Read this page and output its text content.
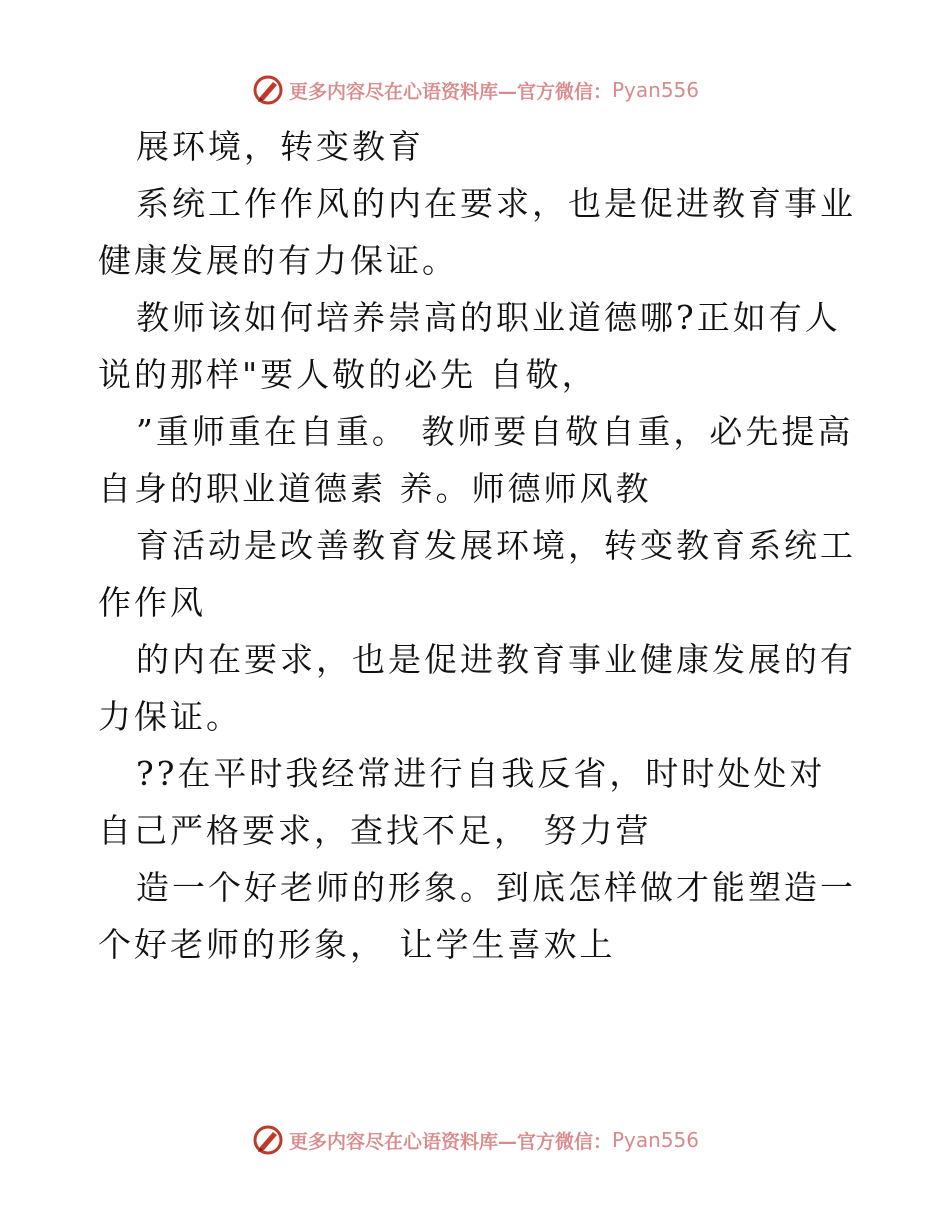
更多内容尽在心语资料库—官方微信： Pyan556

展环境，转变教育

系统工作作风的内在要求，也是促进教育事业健康发展的有力保证。

教师该如何培养崇高的职业道德哪?正如有人说的那样"要人敬的必先 自敬，

”重师重在自重。 教师要自敬自重，必先提高自身的职业道德素 养。师德师风教

育活动是改善教育发展环境，转变教育系统工作作风

的内在要求，也是促进教育事业健康发展的有力保证。

??在平时我经常进行自我反省，时时处处对自己严格要求，查找不足， 努力营

造一个好老师的形象。到底怎样做才能塑造一个好老师的形象， 让学生喜欢上

更多内容尽在心语资料库—官方微信： Pyan556
